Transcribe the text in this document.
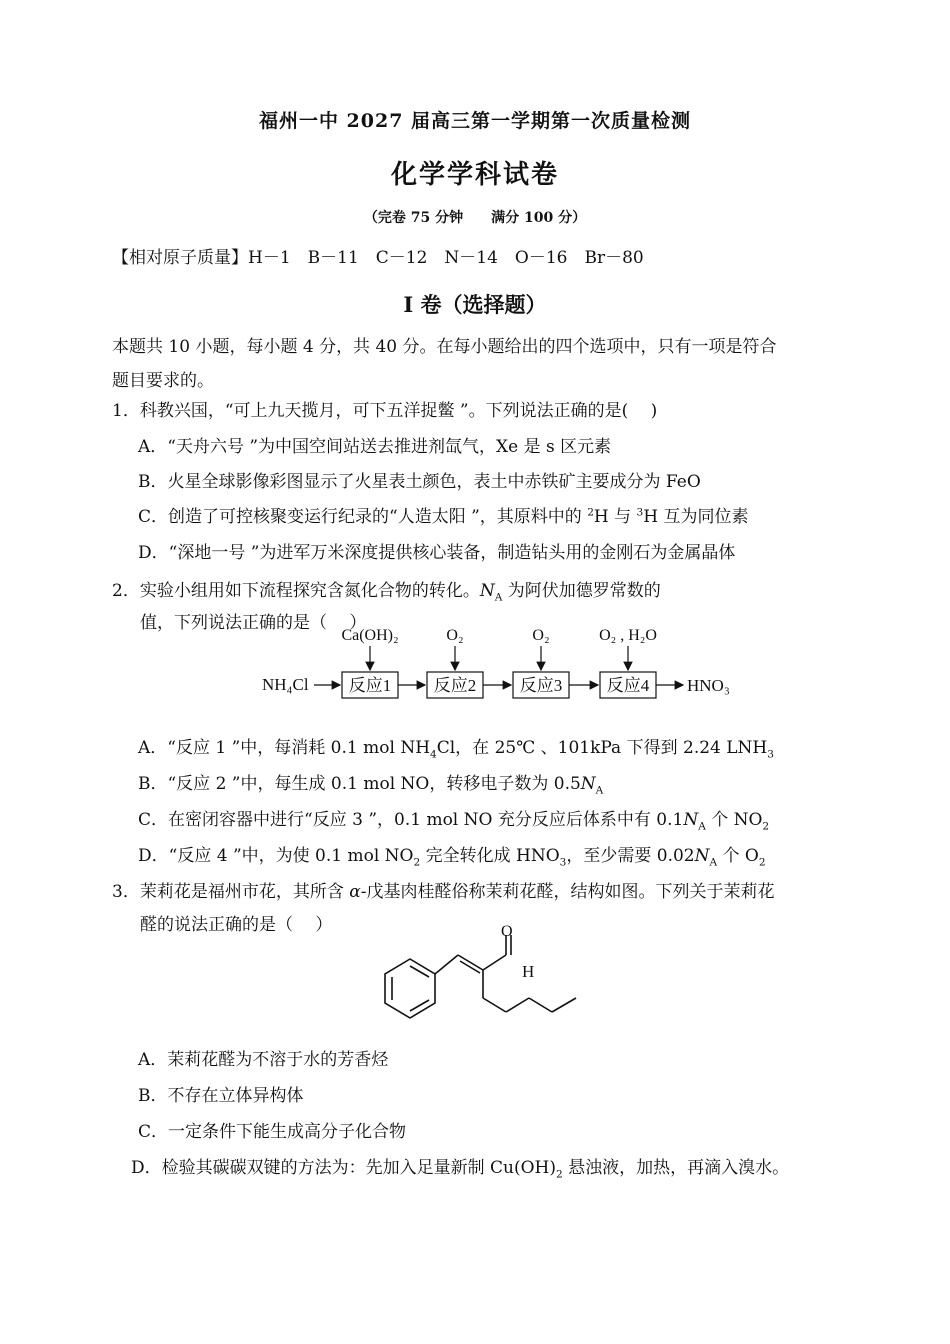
福州一中 2027 届高三第一学期第一次质量检测
化学学科试卷
（完卷 75 分钟　　满分 100 分）
【相对原子质量】H－1　B－11　C－12　N－14　O－16　Br－80
I 卷（选择题）
本题共 10 小题，每小题 4 分，共 40 分。在每小题给出的四个选项中，只有一项是符合
题目要求的。
1．科教兴国，“可上九天揽月，可下五洋捉鳖 ”。下列说法正确的是(　 )
A．“天舟六号 ”为中国空间站送去推进剂氙气，Xe 是 s 区元素
B．火星全球影像彩图显示了火星表土颜色，表土中赤铁矿主要成分为 FeO
C．创造了可控核聚变运行纪录的“人造太阳 ”，其原料中的 $^2$H 与 $^3$H 互为同位素
D．“深地一号 ”为进军万米深度提供核心装备，制造钻头用的金刚石为金属晶体
2．实验小组用如下流程探究含氮化合物的转化。$N_A$ 为阿伏加德罗常数的
值，下列说法正确的是（　 ）
Ca(OH)₂	O₂	O₂	O₂ , H₂O
NH₄Cl 反应1	反应2	反应3	反应4 HNO₃
A．“反应 1 ”中，每消耗 0.1 mol $NH_4Cl$，在 25℃ 、101kPa 下得到 2.24 $LNH_3$
B．“反应 2 ”中，每生成 0.1 mol NO，转移电子数为 $0.5N_A$
C．在密闭容器中进行“反应 3 ”，0.1 mol NO 充分反应后体系中有 $0.1N_A$ 个 $NO_2$
D．“反应 4 ”中，为使 0.1 mol $NO_2$ 完全转化成 $HNO_3$，至少需要 $0.02N_A$ 个 $O_2$
3．茉莉花是福州市花，其所含 α-戊基肉桂醛俗称茉莉花醛，结构如图。下列关于茉莉花
醛的说法正确的是（　 ）	O
H
A．茉莉花醛为不溶于水的芳香烃
B．不存在立体异构体
C．一定条件下能生成高分子化合物
D．检验其碳碳双键的方法为：先加入足量新制 $Cu(OH)_2$ 悬浊液，加热，再滴入溴水。
